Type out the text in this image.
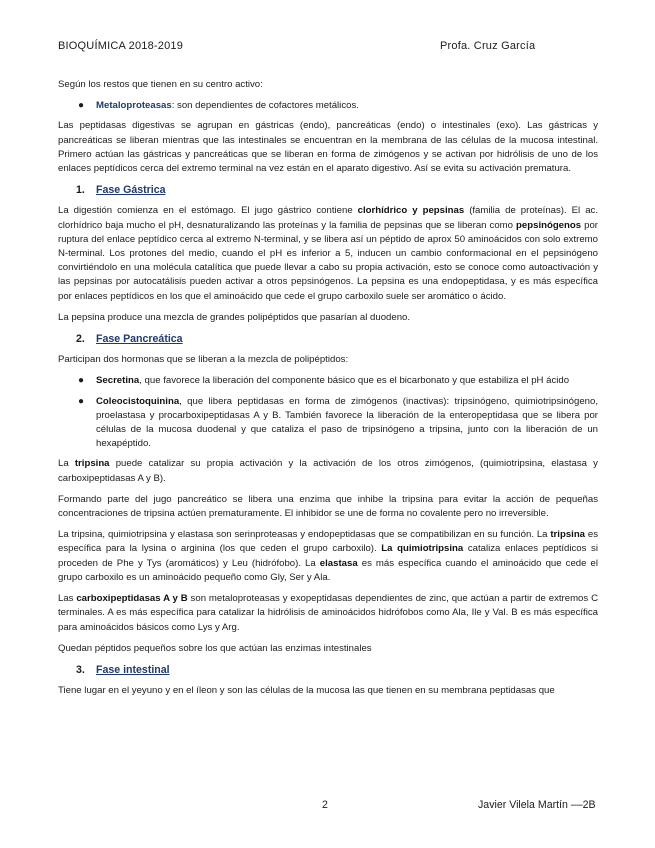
BIOQUÍMICA 2018-2019	Profa. Cruz García

Según los restos que tienen en su centro activo:

● Metaloproteasas: son dependientes de cofactores metálicos.

Las peptidasas digestivas se agrupan en gástricas (endo), pancreáticas (endo) o intestinales (exo). Las gástricas y pancreáticas se liberan mientras que las intestinales se encuentran en la membrana de las células de la mucosa intestinal. Primero actúan las gástricas y pancreáticas que se liberan en forma de zimógenos y se activan por hidrólisis de uno de los enlaces peptídicos cerca del extremo terminal na vez están en el aparato digestivo. Así se evita su activación prematura.

1. Fase Gástrica

La digestión comienza en el estómago. El jugo gástrico contiene clorhídrico y pepsinas (familia de proteínas). El ac. clorhídrico baja mucho el pH, desnaturalizando las proteínas y la familia de pepsinas que se liberan como pepsinógenos por ruptura del enlace peptídico cerca al extremo N-terminal, y se libera así un péptido de aprox 50 aminoácidos con solo extremo N-terminal. Los protones del medio, cuando el pH es inferior a 5, inducen un cambio conformacional en el pepsinógeno convirtiéndolo en una molécula catalítica que puede llevar a cabo su propia activación, esto se conoce como autoactivación y las pepsinas por autocatálisis pueden activar a otros pepsinógenos. La pepsina es una endopeptidasa, y es más específica por enlaces peptídicos en los que el aminoácido que cede el grupo carboxilo suele ser aromático o ácido.

La pepsina produce una mezcla de grandes polipéptidos que pasarían al duodeno.

2. Fase Pancreática

Participan dos hormonas que se liberan a la mezcla de polipéptidos:

● Secretina, que favorece la liberación del componente básico que es el bicarbonato y que estabiliza el pH ácido
● Coleocistoquinina, que libera peptidasas en forma de zimógenos (inactivas): tripsinógeno, quimiotripsinógeno, proelastasa y procarboxipeptidasas A y B. También favorece la liberación de la enteropeptidasa que se libera por células de la mucosa duodenal y que cataliza el paso de tripsinógeno a tripsina, junto con la liberación de un hexapéptido.

La tripsina puede catalizar su propia activación y la activación de los otros zimógenos, (quimiotripsina, elastasa y carboxipeptidasas A y B).

Formando parte del jugo pancreático se libera una enzima que inhibe la tripsina para evitar la acción de pequeñas concentraciones de tripsina actúen prematuramente. El inhibidor se une de forma no covalente pero no irreversible.

La tripsina, quimiotripsina y elastasa son serinproteasas y endopeptidasas que se compatibilizan en su función. La tripsina es específica para la lysina o arginina (los que ceden el grupo carboxilo). La quimiotripsina cataliza enlaces peptídicos si proceden de Phe y Tys (aromáticos) y Leu (hidrófobo). La elastasa es más específica cuando el aminoácido que cede el grupo carboxilo es un aminoácido pequeño como Gly, Ser y Ala.

Las carboxipeptidasas A y B son metaloproteasas y exopeptidasas dependientes de zinc, que actúan a partir de extremos C terminales. A es más específica para catalizar la hidrólisis de aminoácidos hidrófobos como Ala, Ile y Val. B es más específica para aminoácidos básicos como Lys y Arg.

Quedan péptidos pequeños sobre los que actúan las enzimas intestinales

3. Fase intestinal

Tiene lugar en el yeyuno y en el íleon y son las células de la mucosa las que tienen en su membrana peptidasas que

2	Javier Vilela Martín ––2B
